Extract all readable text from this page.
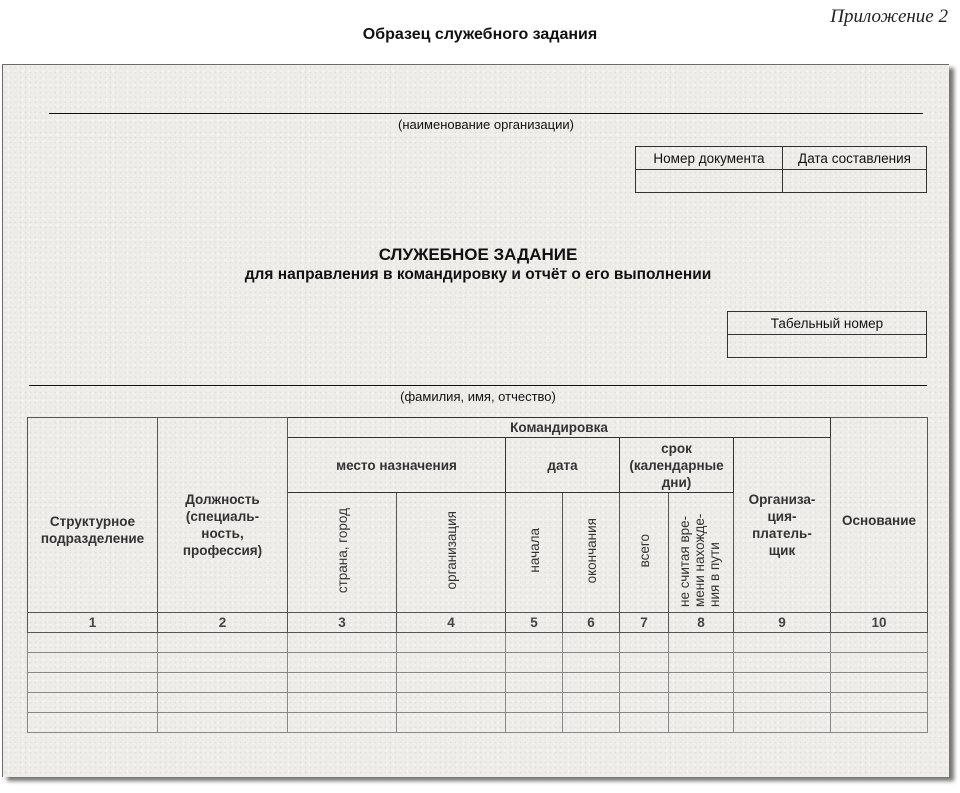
Приложение 2
Образец служебного задания
(наименование организации)
Номер документа	Дата составления

СЛУЖЕБНОЕ ЗАДАНИЕ
для направления в командировку и отчёт о его выполнении
Табельный номер

(фамилия, имя, отчество)
Структурное подразделение	Должность (специаль-ность, профессия)	Командировка							Основание
		место назначения		дата		срок (календарные дни)		Организа-ция-платель-щик	
		страна, город	организация	начала	окончания	всего	не считая вре-мени нахожде-ния в пути		
1	2	3	4	5	6	7	8	9	10
